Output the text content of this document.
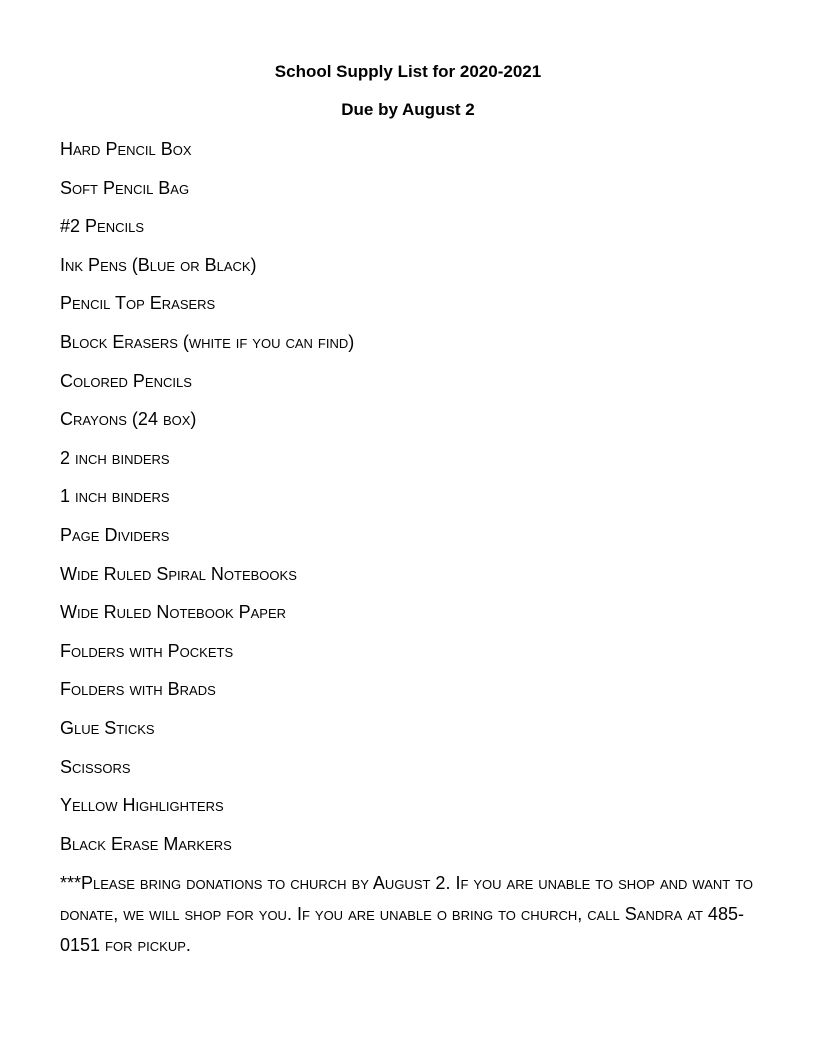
School Supply List for 2020-2021
Due by August 2
Hard Pencil Box
Soft Pencil Bag
#2 Pencils
Ink Pens (Blue or Black)
Pencil Top Erasers
Block Erasers (white if you can find)
Colored Pencils
Crayons (24 box)
2 inch binders
1 inch binders
Page Dividers
Wide Ruled Spiral Notebooks
Wide Ruled Notebook Paper
Folders with Pockets
Folders with Brads
Glue Sticks
Scissors
Yellow Highlighters
Black Erase Markers

***Please bring donations to church by August 2. If you are unable to shop and want to donate, we will shop for you. If you are unable o bring to church, call Sandra at 485-0151 for pickup.
